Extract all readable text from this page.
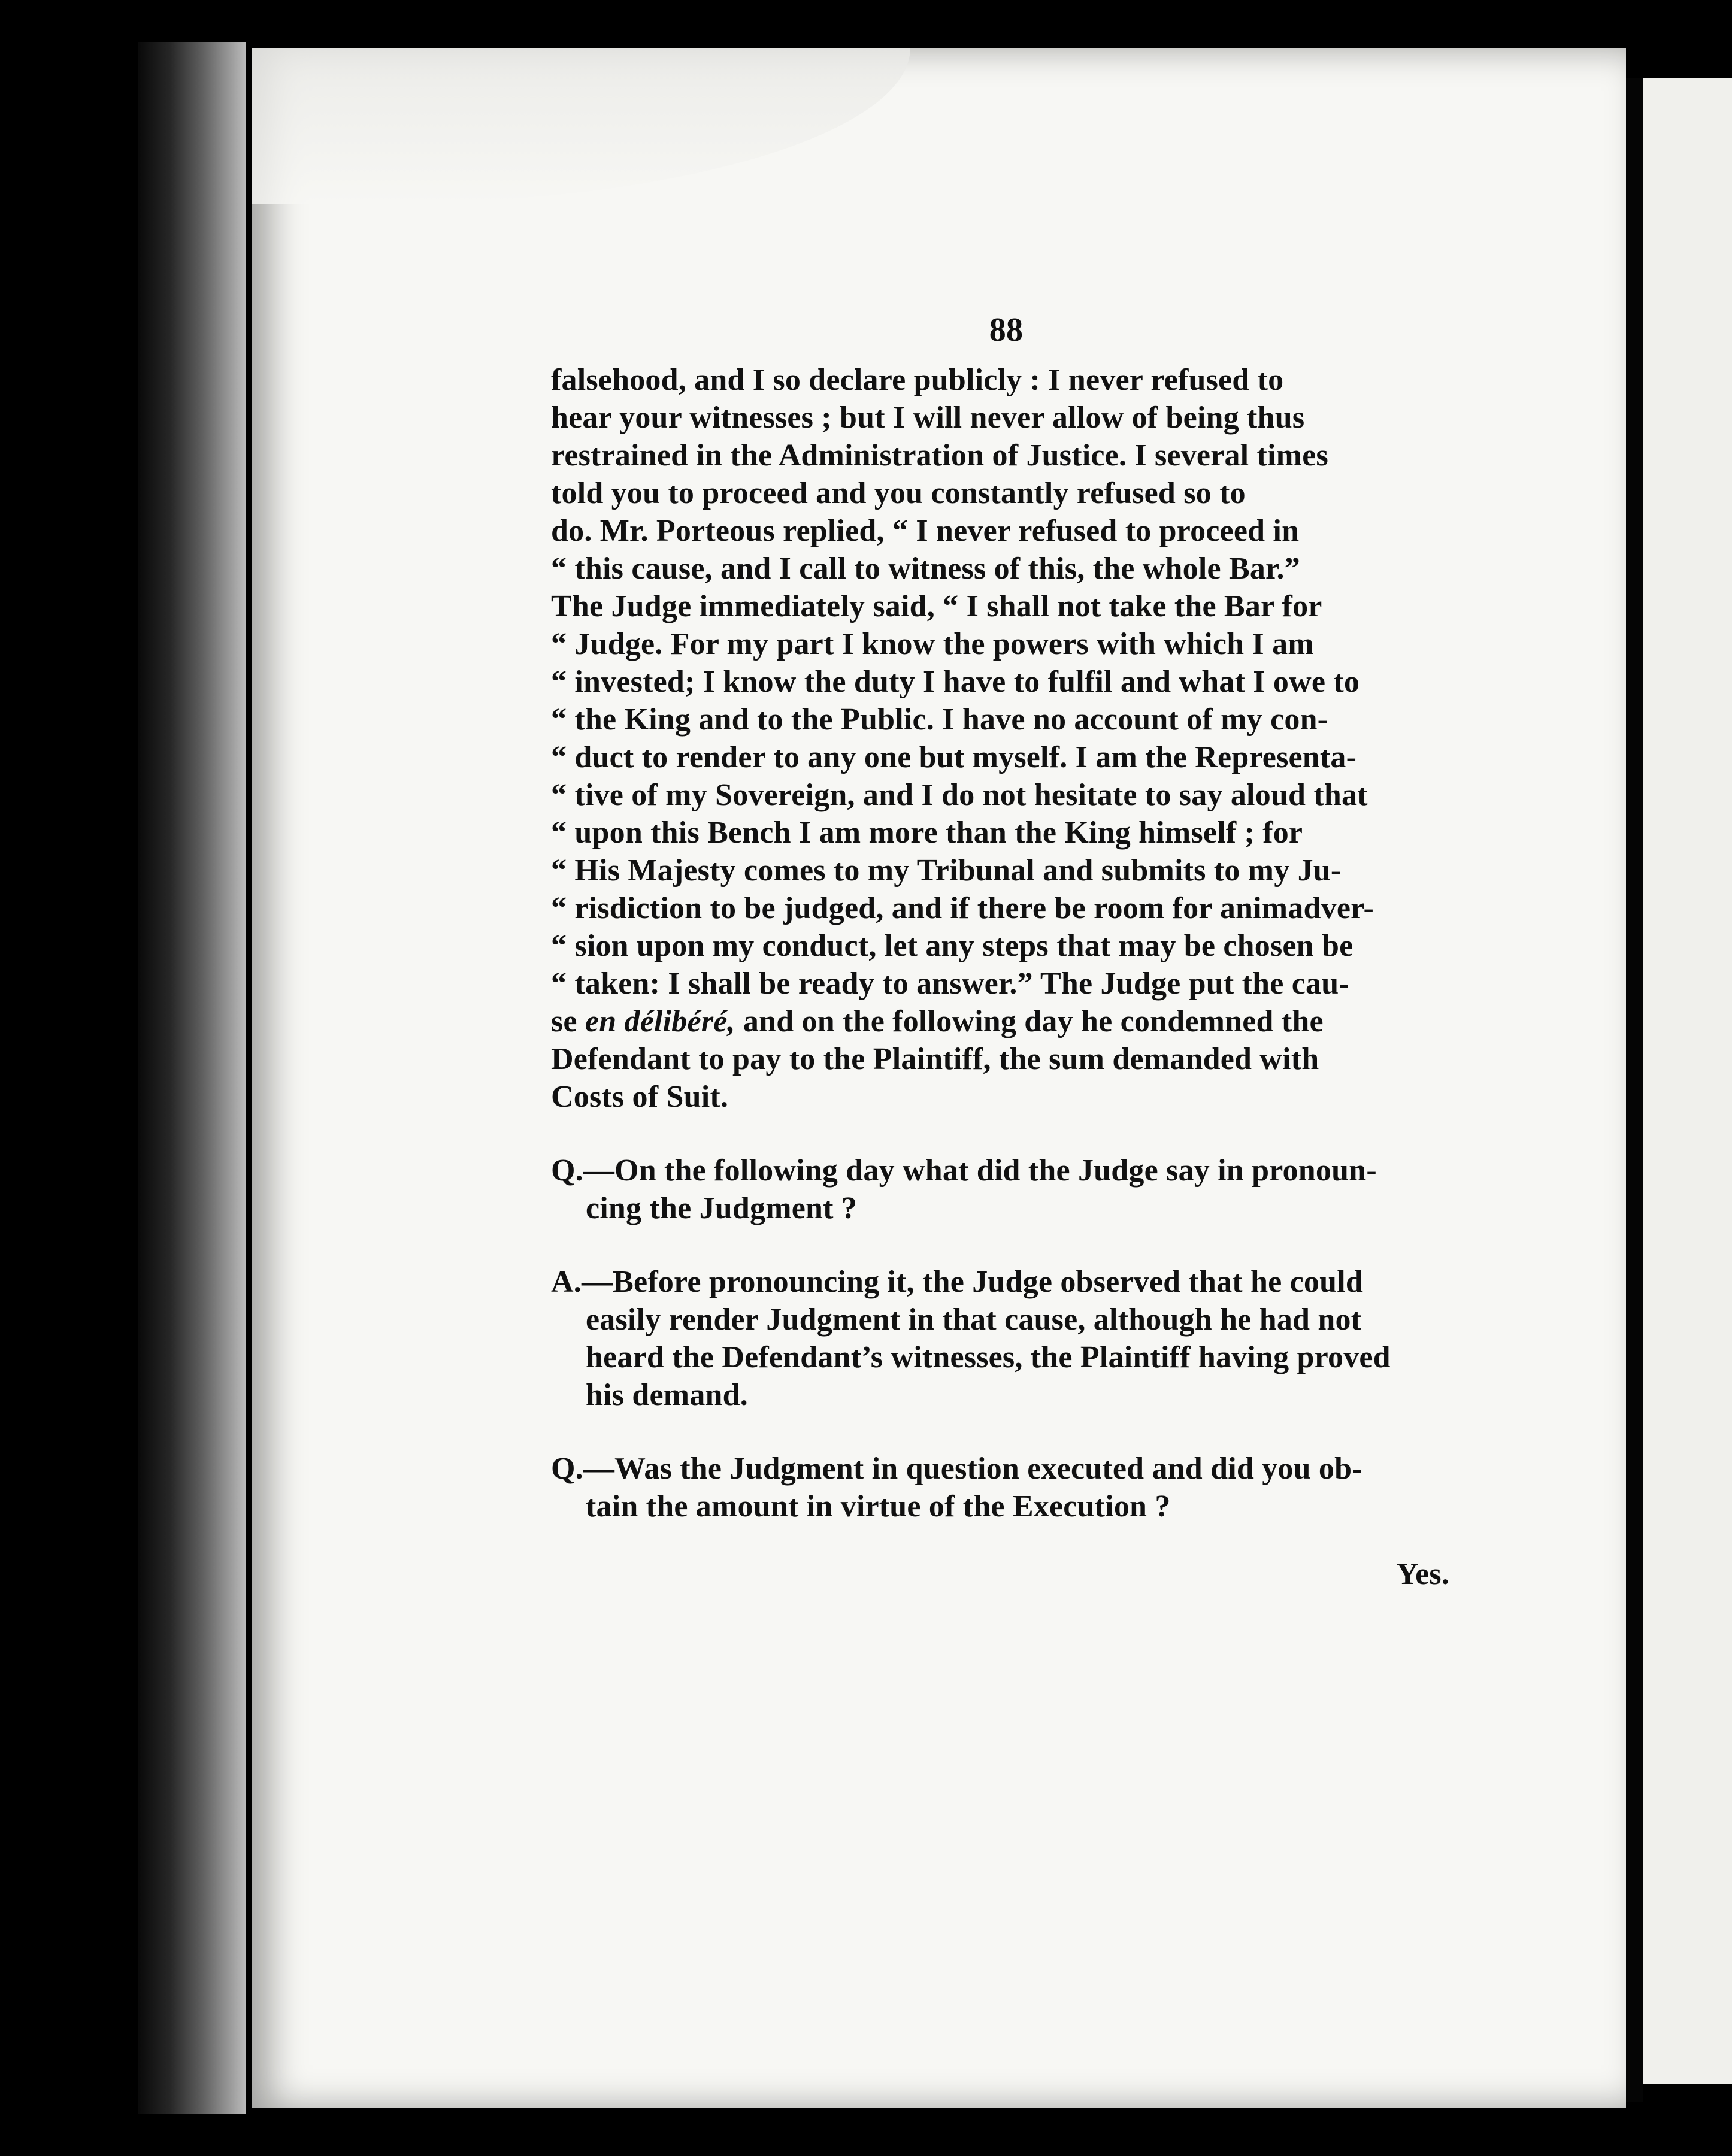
88
falsehood, and I so declare publicly : I never refused to
hear your witnesses ; but I will never allow of being thus
restrained in the Administration of Justice. I several times
told you to proceed and you constantly refused so to
do. Mr. Porteous replied, “ I never refused to proceed in
“ this cause, and I call to witness of this, the whole Bar.”
The Judge immediately said, “ I shall not take the Bar for
“ Judge. For my part I know the powers with which I am
“ invested; I know the duty I have to fulfil and what I owe to
“ the King and to the Public. I have no account of my con-
“ duct to render to any one but myself. I am the Representa-
“ tive of my Sovereign, and I do not hesitate to say aloud that
“ upon this Bench I am more than the King himself ; for
“ His Majesty comes to my Tribunal and submits to my Ju-
“ risdiction to be judged, and if there be room for animadver-
“ sion upon my conduct, let any steps that may be chosen be
“ taken: I shall be ready to answer.” The Judge put the cau-
se en délibéré, and on the following day he condemned the
Defendant to pay to the Plaintiff, the sum demanded with
Costs of Suit.
Q.—On the following day what did the Judge say in pronoun-
cing the Judgment ?
A.—Before pronouncing it, the Judge observed that he could
easily render Judgment in that cause, although he had not
heard the Defendant’s witnesses, the Plaintiff having proved
his demand.
Q.—Was the Judgment in question executed and did you ob-
tain the amount in virtue of the Execution ?
Yes.
